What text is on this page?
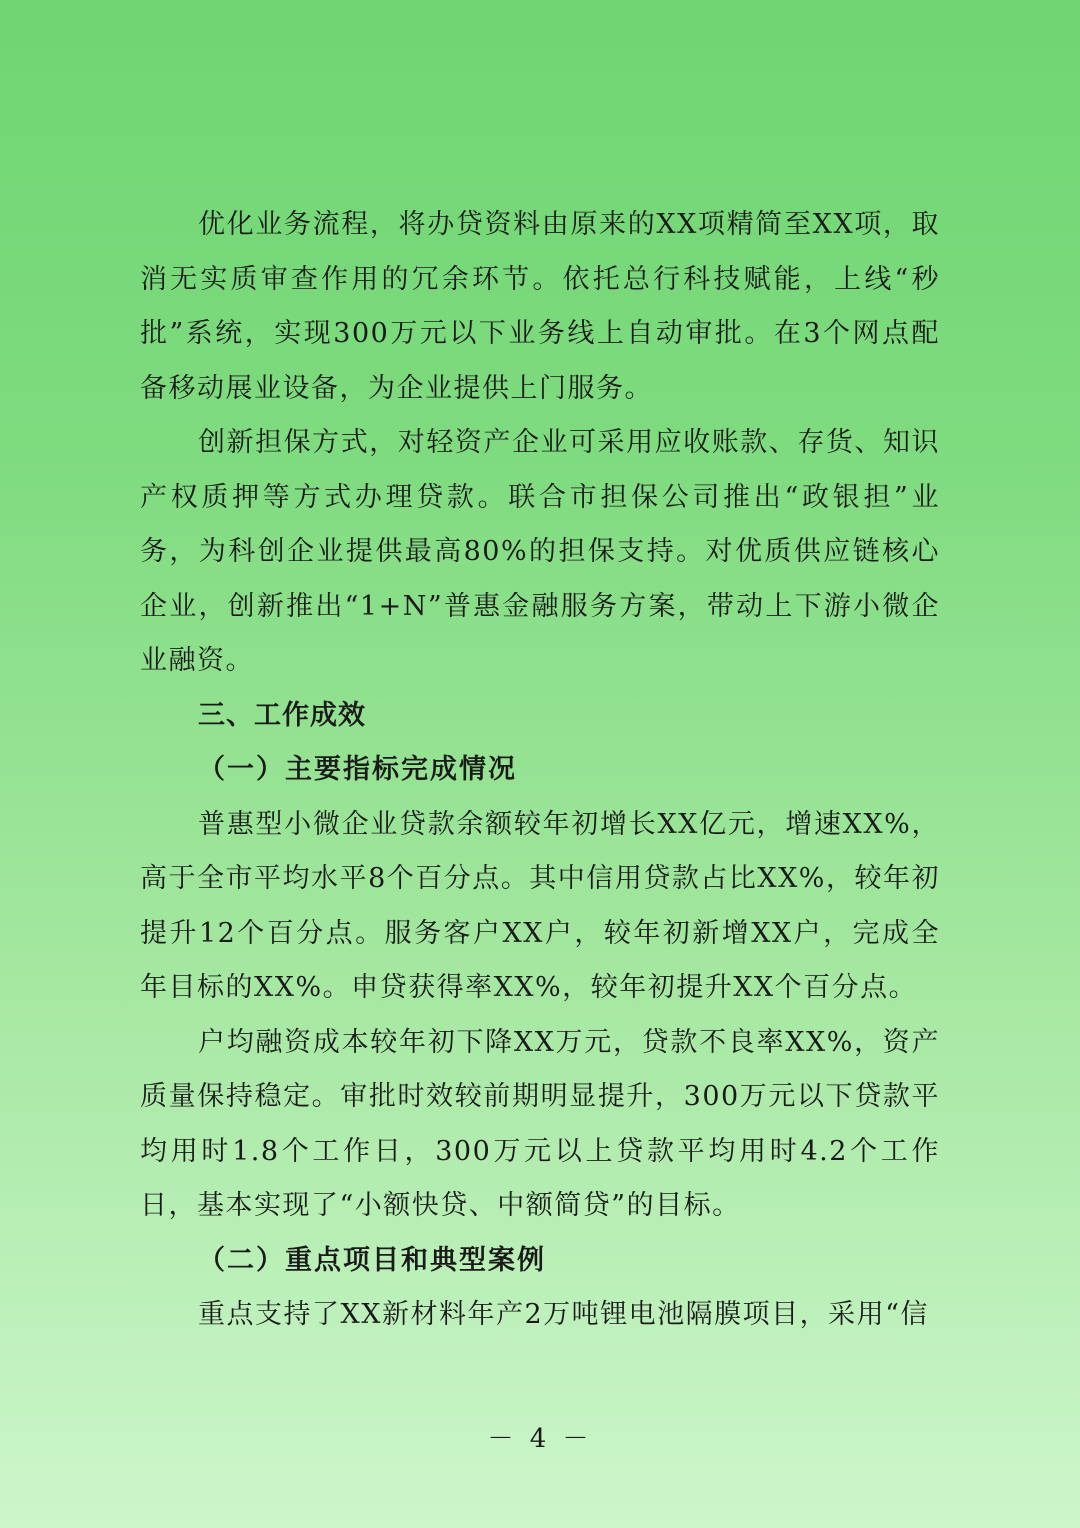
优化业务流程，将办贷资料由原来的XX项精简至XX项，取消无实质审查作用的冗余环节。依托总行科技赋能，上线“秒批”系统，实现300万元以下业务线上自动审批。在3个网点配备移动展业设备，为企业提供上门服务。

创新担保方式，对轻资产企业可采用应收账款、存货、知识产权质押等方式办理贷款。联合市担保公司推出“政银担”业务，为科创企业提供最高80%的担保支持。对优质供应链核心企业，创新推出“1+N”普惠金融服务方案，带动上下游小微企业融资。

三、工作成效

（一）主要指标完成情况

普惠型小微企业贷款余额较年初增长XX亿元，增速XX%，高于全市平均水平8个百分点。其中信用贷款占比XX%，较年初提升12个百分点。服务客户XX户，较年初新增XX户，完成全年目标的XX%。申贷获得率XX%，较年初提升XX个百分点。

户均融资成本较年初下降XX万元，贷款不良率XX%，资产质量保持稳定。审批时效较前期明显提升，300万元以下贷款平均用时1.8个工作日，300万元以上贷款平均用时4.2个工作日，基本实现了“小额快贷、中额简贷”的目标。

（二）重点项目和典型案例

重点支持了XX新材料年产2万吨锂电池隔膜项目，采用“信

－ 4 －
